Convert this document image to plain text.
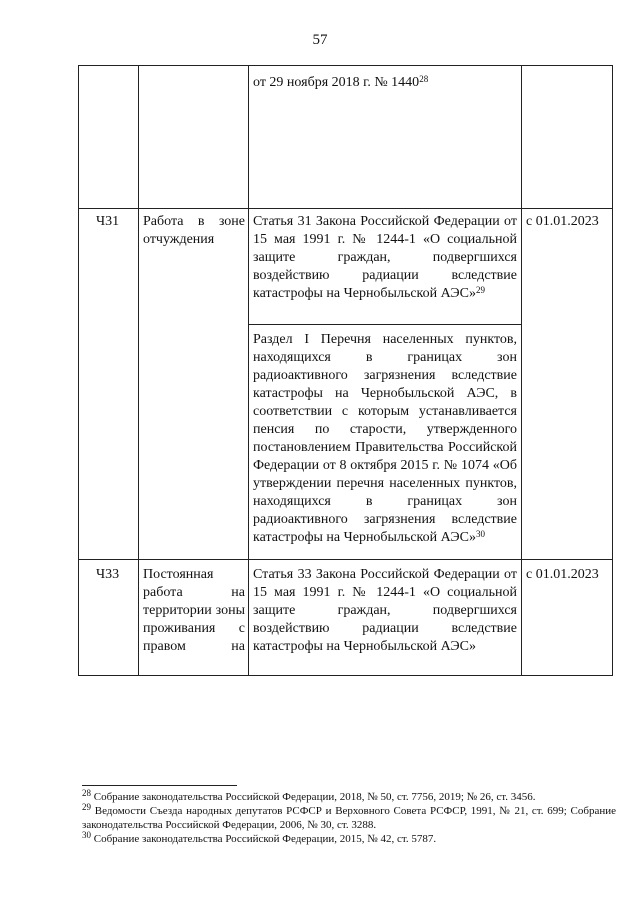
57
от 29 ноября 2018 г. № 1440$^{28}$
Ч31	Работа в зоне отчуждения
Статья 31 Закона Российской Федерации от 15 мая 1991 г. № 1244-1 «О социальной защите граждан, подвергшихся воздействию радиации вследствие катастрофы на Чернобыльской АЭС»$^{29}$
Раздел I Перечня населенных пунктов, находящихся в границах зон радиоактивного загрязнения вследствие катастрофы на Чернобыльской АЭС, в соответствии с которым устанавливается пенсия по старости, утвержденного постановлением Правительства Российской Федерации от 8 октября 2015 г. № 1074 «Об утверждении перечня населенных пунктов, находящихся в границах зон радиоактивного загрязнения вследствие катастрофы на Чернобыльской АЭС»$^{30}$
с 01.01.2023
Ч33	Постоянная работа на территории зоны проживания с правом на
Статья 33 Закона Российской Федерации от 15 мая 1991 г. № 1244-1 «О социальной защите граждан, подвергшихся воздействию радиации вследствие катастрофы на Чернобыльской АЭС»
с 01.01.2023

$^{28}$ Собрание законодательства Российской Федерации, 2018, № 50, ст. 7756, 2019; № 26, ст. 3456.

$^{29}$ Ведомости Съезда народных депутатов РСФСР и Верховного Совета РСФСР, 1991, № 21, ст. 699; Собрание законодательства Российской Федерации, 2006, № 30, ст. 3288.

$^{30}$ Собрание законодательства Российской Федерации, 2015, № 42, ст. 5787.
